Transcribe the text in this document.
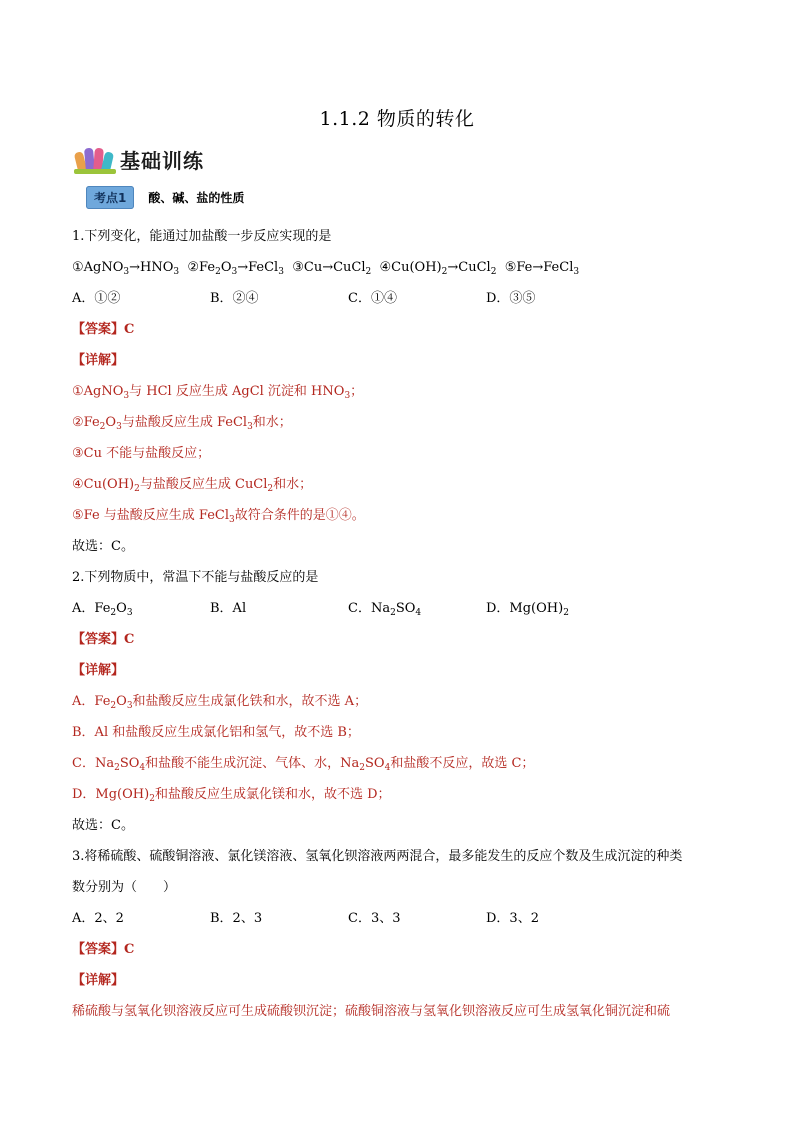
1.1.2 物质的转化
基础训练
考点1	酸、碱、盐的性质
1.下列变化，能通过加盐酸一步反应实现的是
$①AgNO_3\to HNO_3$ $②Fe_2O_3\to FeCl_3$ ③Cu→CuCl$_2$ $④Cu(OH)_2\to CuCl_2$ ⑤Fe→FeCl$_3$
A．①②	B．②④	C．①④	D．③⑤
【答案】C
【详解】
①AgNO$_3$与 HCl 反应生成 AgCl 沉淀和 $HNO_3$；
$②Fe_2O_3$与盐酸反应生成 FeCl$_3$和水；
③Cu 不能与盐酸反应；
$④Cu(OH)_2$与盐酸反应生成 CuCl$_2$和水；
⑤Fe 与盐酸反应生成 FeCl$_3$故符合条件的是①④。
故选：C。
2.下列物质中，常温下不能与盐酸反应的是
A．$Fe_2O_3$	B．Al	C．$Na_2SO_4$	D．$Mg(OH)_2$
【答案】C
【详解】
A．$Fe_2O_3$和盐酸反应生成氯化铁和水，故不选 A；
B．Al 和盐酸反应生成氯化铝和氢气，故不选 B；
C．$Na_2SO_4$和盐酸不能生成沉淀、气体、水，$Na_2SO_4$和盐酸不反应，故选 C；
D．$Mg(OH)_2$和盐酸反应生成氯化镁和水，故不选 D；
故选：C。
3.将稀硫酸、硫酸铜溶液、氯化镁溶液、氢氧化钡溶液两两混合，最多能发生的反应个数及生成沉淀的种类
数分别为（　　）
A．2、2	B．2、3	C．3、3	D．3、2
【答案】C
【详解】
稀硫酸与氢氧化钡溶液反应可生成硫酸钡沉淀；硫酸铜溶液与氢氧化钡溶液反应可生成氢氧化铜沉淀和硫
